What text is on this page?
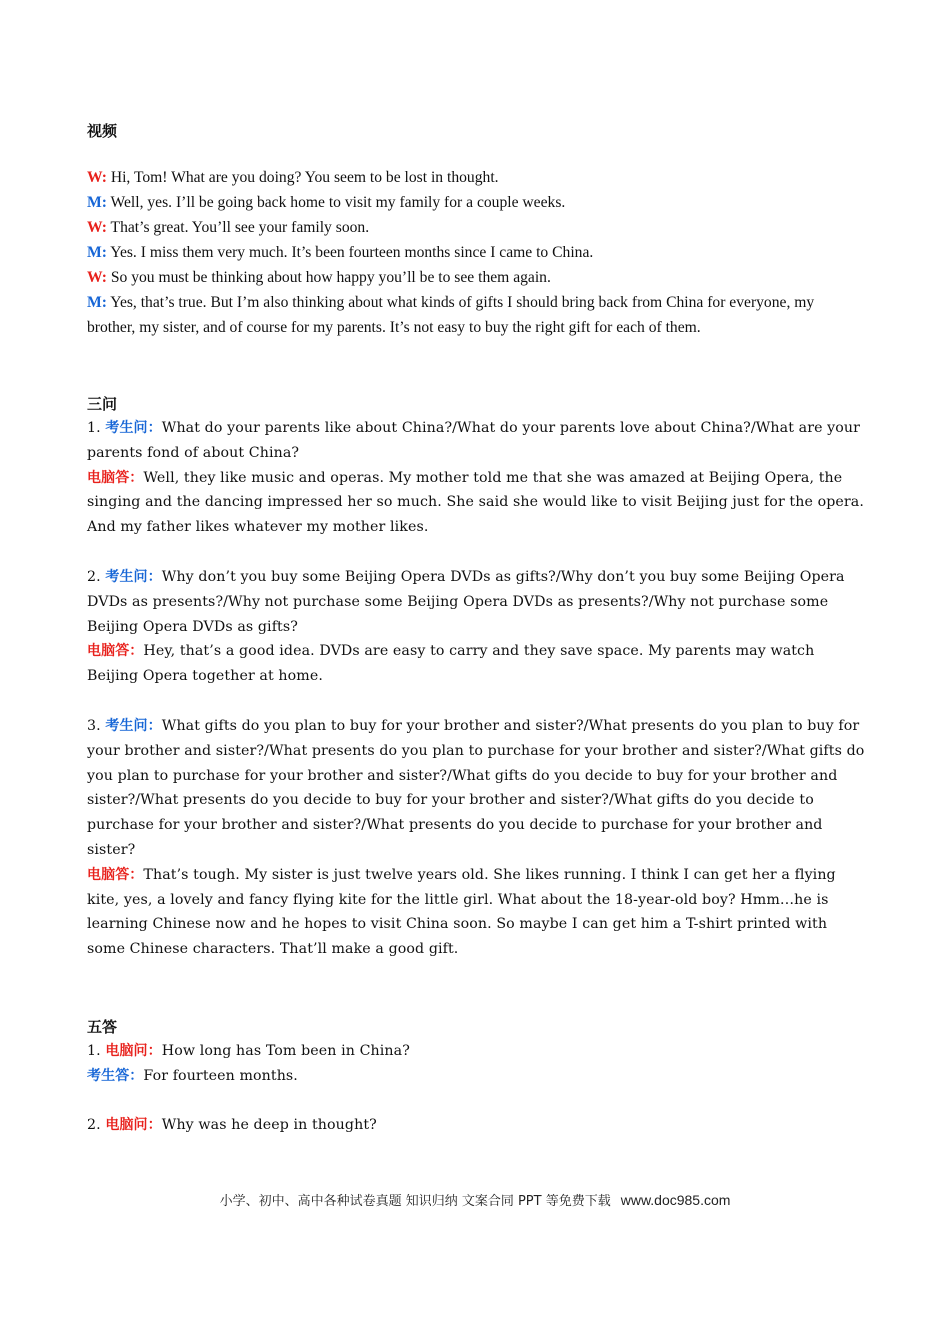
视频
W: Hi, Tom! What are you doing? You seem to be lost in thought.
M: Well, yes. I’ll be going back home to visit my family for a couple weeks.
W: That’s great. You’ll see your family soon.
M: Yes. I miss them very much. It’s been fourteen months since I came to China.
W: So you must be thinking about how happy you’ll be to see them again.
M: Yes, that’s true. But I’m also thinking about what kinds of gifts I should bring back from China for everyone, my brother, my sister, and of course for my parents. It’s not easy to buy the right gift for each of them.
三问

1. 考生问：What do your parents like about China?/What do your parents love about China?/What are your parents fond of about China?

电脑答：Well, they like music and operas. My mother told me that she was amazed at Beijing Opera, the singing and the dancing impressed her so much. She said she would like to visit Beijing just for the opera. And my father likes whatever my mother likes.

2. 考生问：Why don’t you buy some Beijing Opera DVDs as gifts?/Why don’t you buy some Beijing Opera DVDs as presents?/Why not purchase some Beijing Opera DVDs as presents?/Why not purchase some Beijing Opera DVDs as gifts?

电脑答：Hey, that’s a good idea. DVDs are easy to carry and they save space. My parents may watch Beijing Opera together at home.

3. 考生问：What gifts do you plan to buy for your brother and sister?/What presents do you plan to buy for your brother and sister?/What presents do you plan to purchase for your brother and sister?/What gifts do you plan to purchase for your brother and sister?/What gifts do you decide to buy for your brother and sister?/What presents do you decide to buy for your brother and sister?/What gifts do you decide to purchase for your brother and sister?/What presents do you decide to purchase for your brother and sister?

电脑答：That’s tough. My sister is just twelve years old. She likes running. I think I can get her a flying kite, yes, a lovely and fancy flying kite for the little girl. What about the 18-year-old boy? Hmm…he is learning Chinese now and he hopes to visit China soon. So maybe I can get him a T-shirt printed with some Chinese characters. That’ll make a good gift.

五答

1. 电脑问：How long has Tom been in China?

考生答：For fourteen months.

2. 电脑问：Why was he deep in thought?

小学、初中、高中各种试卷真题 知识归纳 文案合同 PPT 等免费下载 www.doc985.com
